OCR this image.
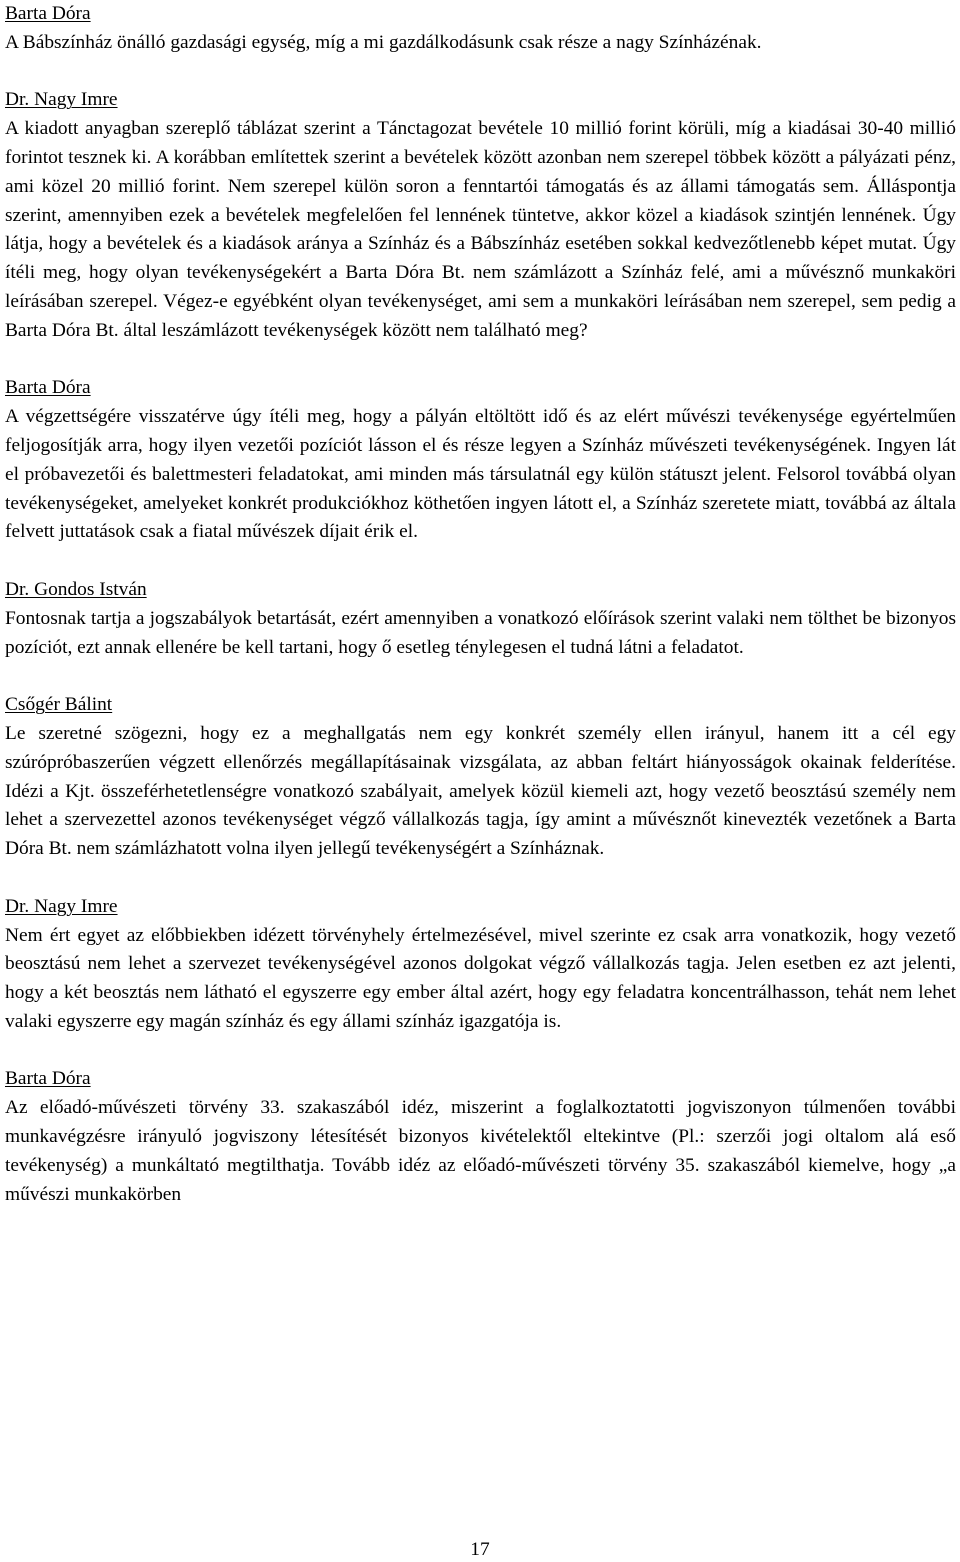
Barta Dóra
A Bábszínház önálló gazdasági egység, míg a mi gazdálkodásunk csak része a nagy Színházénak.
Dr. Nagy Imre
A kiadott anyagban szereplő táblázat szerint a Tánctagozat bevétele 10 millió forint körüli, míg a kiadásai 30-40 millió forintot tesznek ki. A korábban említettek szerint a bevételek között azonban nem szerepel többek között a pályázati pénz, ami közel 20 millió forint. Nem szerepel külön soron a fenntartói támogatás és az állami támogatás sem. Álláspontja szerint, amennyiben ezek a bevételek megfelelően fel lennének tüntetve, akkor közel a kiadások szintjén lennének. Úgy látja, hogy a bevételek és a kiadások aránya a Színház és a Bábszínház esetében sokkal kedvezőtlenebb képet mutat. Úgy ítéli meg, hogy olyan tevékenységekért a Barta Dóra Bt. nem számlázott a Színház felé, ami a művésznő munkaköri leírásában szerepel. Végez-e egyébként olyan tevékenységet, ami sem a munkaköri leírásában nem szerepel, sem pedig a Barta Dóra Bt. által leszámlázott tevékenységek között nem található meg?
Barta Dóra
A végzettségére visszatérve úgy ítéli meg, hogy a pályán eltöltött idő és az elért művészi tevékenysége egyértelműen feljogosítják arra, hogy ilyen vezetői pozíciót lásson el és része legyen a Színház művészeti tevékenységének. Ingyen lát el próbavezetői és balettmesteri feladatokat, ami minden más társulatnál egy külön státuszt jelent. Felsorol továbbá olyan tevékenységeket, amelyeket konkrét produkciókhoz köthetően ingyen látott el, a Színház szeretete miatt, továbbá az általa felvett juttatások csak a fiatal művészek díjait érik el.
Dr. Gondos István
Fontosnak tartja a jogszabályok betartását, ezért amennyiben a vonatkozó előírások szerint valaki nem tölthet be bizonyos pozíciót, ezt annak ellenére be kell tartani, hogy ő esetleg ténylegesen el tudná látni a feladatot.
Csőgér Bálint
Le szeretné szögezni, hogy ez a meghallgatás nem egy konkrét személy ellen irányul, hanem itt a cél egy szúrópróbaszerűen végzett ellenőrzés megállapításainak vizsgálata, az abban feltárt hiányosságok okainak felderítése. Idézi a Kjt. összeférhetetlenségre vonatkozó szabályait, amelyek közül kiemeli azt, hogy vezető beosztású személy nem lehet a szervezettel azonos tevékenységet végző vállalkozás tagja, így amint a művésznőt kinevezték vezetőnek a Barta Dóra Bt. nem számlázhatott volna ilyen jellegű tevékenységért a Színháznak.
Dr. Nagy Imre
Nem ért egyet az előbbiekben idézett törvényhely értelmezésével, mivel szerinte ez csak arra vonatkozik, hogy vezető beosztású nem lehet a szervezet tevékenységével azonos dolgokat végző vállalkozás tagja. Jelen esetben ez azt jelenti, hogy a két beosztás nem látható el egyszerre egy ember által azért, hogy egy feladatra koncentrálhasson, tehát nem lehet valaki egyszerre egy magán színház és egy állami színház igazgatója is.
Barta Dóra
Az előadó-művészeti törvény 33. szakaszából idéz, miszerint a foglalkoztatotti jogviszonyon túlmenően további munkavégzésre irányuló jogviszony létesítését bizonyos kivételektől eltekintve (Pl.: szerzői jogi oltalom alá eső tevékenység) a munkáltató megtilthatja. Tovább idéz az előadó-művészeti törvény 35. szakaszából kiemelve, hogy „a művészi munkakörben
17
